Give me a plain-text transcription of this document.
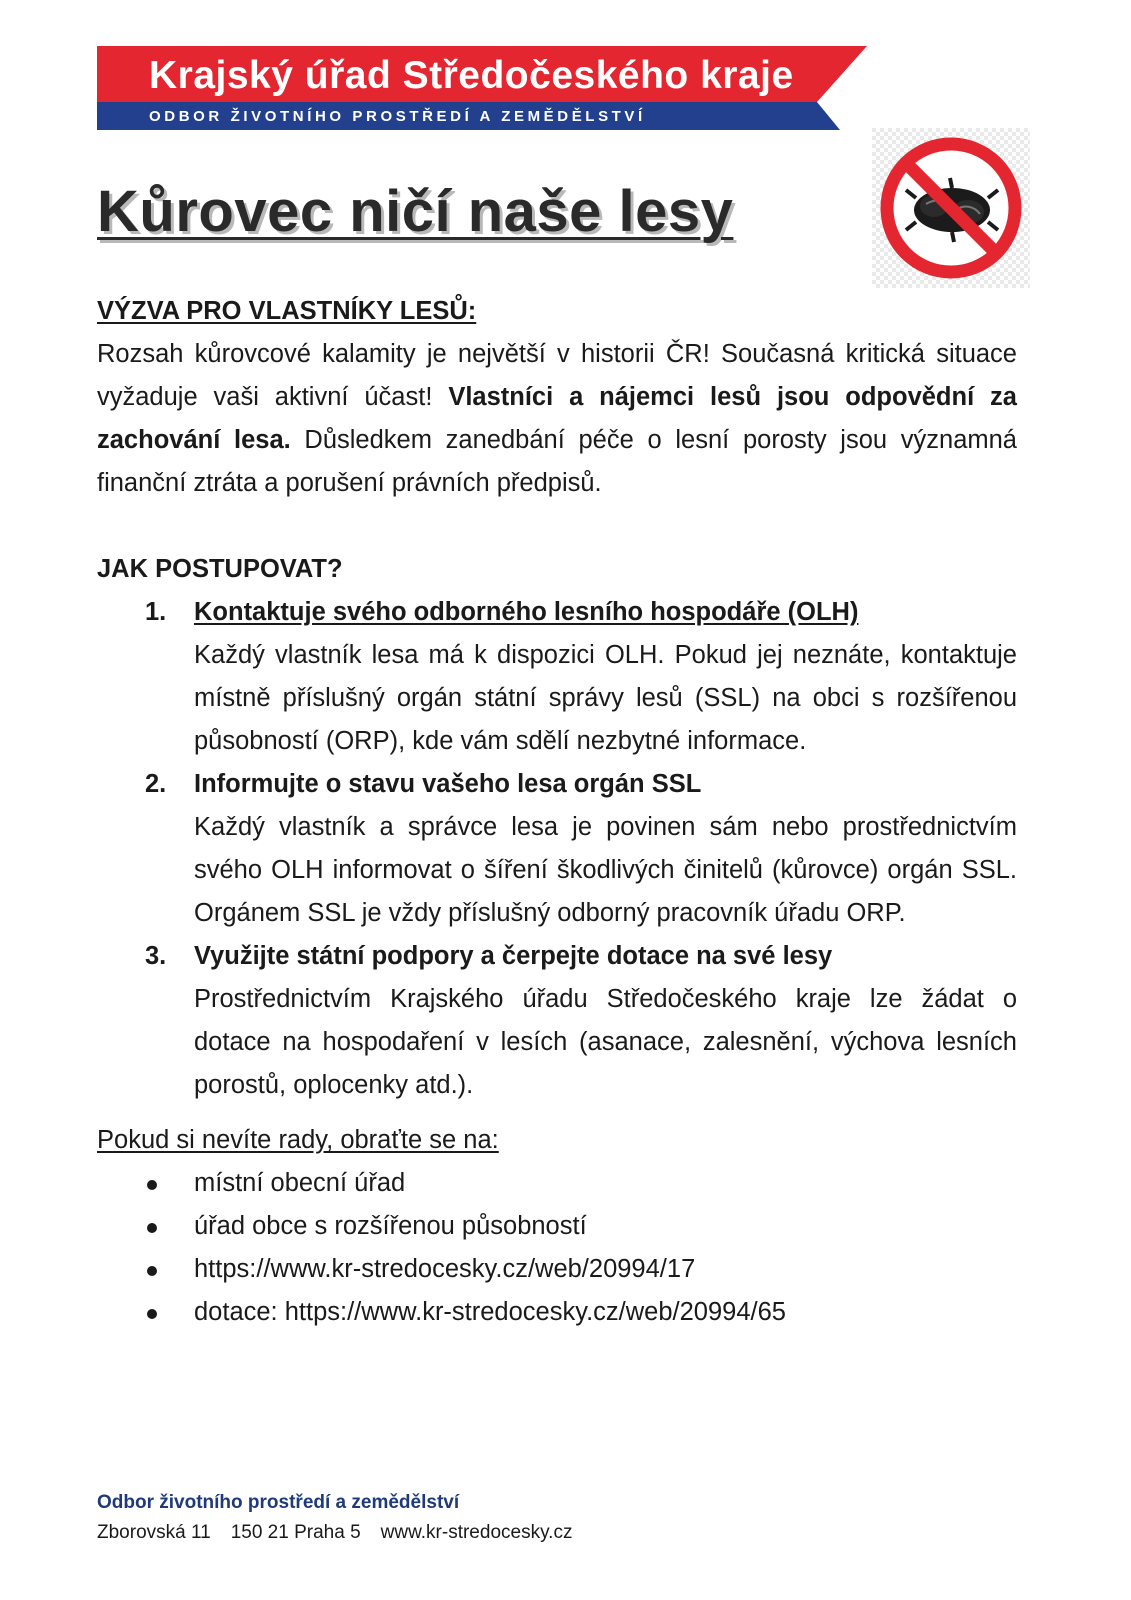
Krajský úřad Středočeského kraje
ODBOR ŽIVOTNÍHO PROSTŘEDÍ A ZEMĚDĚLSTVÍ
Kůrovec ničí naše lesy
VÝZVA PRO VLASTNÍKY LESŮ:

Rozsah kůrovcové kalamity je největší v historii ČR! Současná kritická situace vyžaduje vaši aktivní účast! Vlastníci a nájemci lesů jsou odpovědní za zachování lesa. Důsledkem zanedbání péče o lesní porosty jsou významná finanční ztráta a porušení právních předpisů.

JAK POSTUPOVAT?
1. Kontaktuje svého odborného lesního hospodáře (OLH)
Každý vlastník lesa má k dispozici OLH. Pokud jej neznáte, kontaktuje místně příslušný orgán státní správy lesů (SSL) na obci s rozšířenou působností (ORP), kde vám sdělí nezbytné informace.
2. Informujte o stavu vašeho lesa orgán SSL
Každý vlastník a správce lesa je povinen sám nebo prostřednictvím svého OLH informovat o šíření škodlivých činitelů (kůrovce) orgán SSL. Orgánem SSL je vždy příslušný odborný pracovník úřadu ORP.
3. Využijte státní podpory a čerpejte dotace na své lesy
Prostřednictvím Krajského úřadu Středočeského kraje lze žádat o dotace na hospodaření v lesích (asanace, zalesnění, výchova lesních porostů, oplocenky atd.).
Pokud si nevíte rady, obraťte se na:
místní obecní úřad
úřad obce s rozšířenou působností
https://www.kr-stredocesky.cz/web/20994/17
dotace: https://www.kr-stredocesky.cz/web/20994/65
Odbor životního prostředí a zemědělství
Zborovská 11 150 21 Praha 5 www.kr-stredocesky.cz
